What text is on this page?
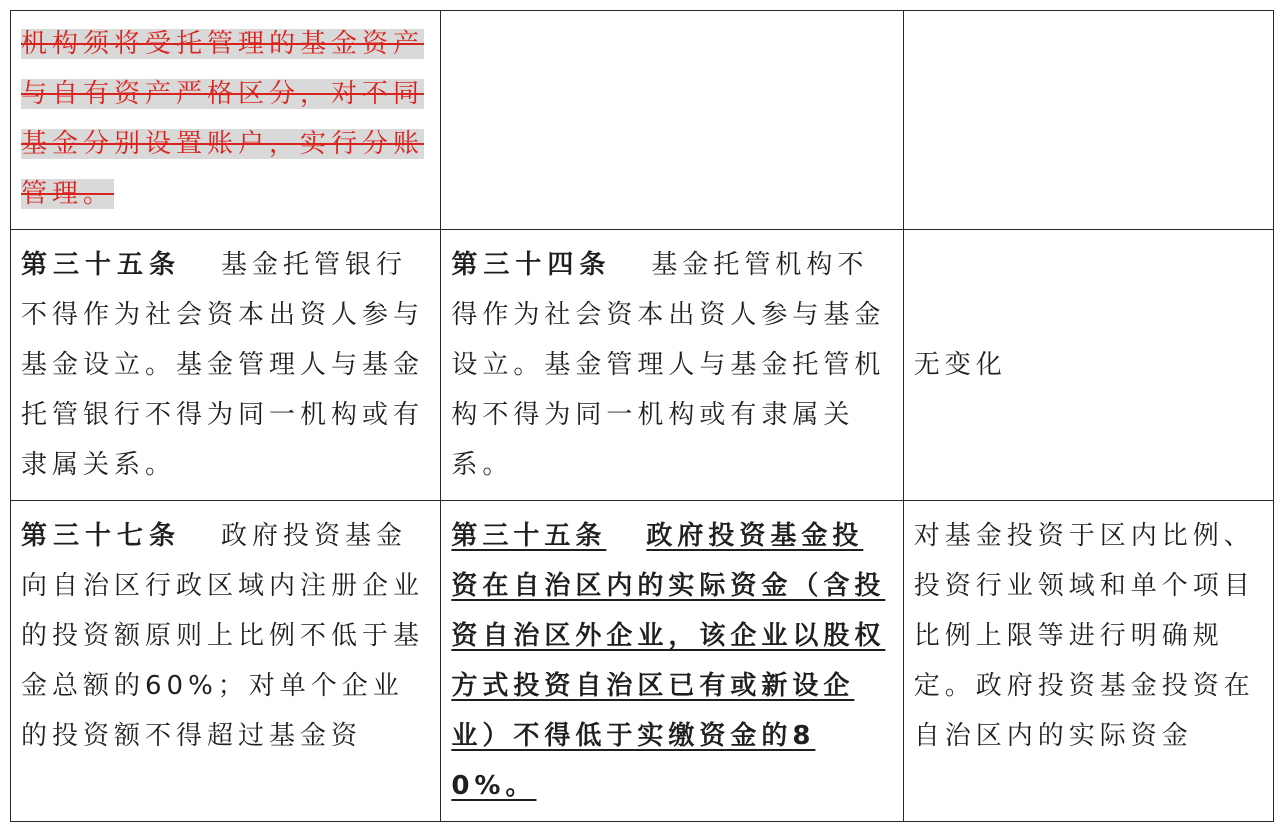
机构须将受托管理的基金资产与自有资产严格区分，对不同基金分别设置账户，实行分账管理。		
第三十五条 基金托管银行不得作为社会资本出资人参与基金设立。基金管理人与基金托管银行不得为同一机构或有隶属关系。	第三十四条 基金托管机构不得作为社会资本出资人参与基金设立。基金管理人与基金托管机构不得为同一机构或有隶属关系。	无变化
第三十七条 政府投资基金向自治区行政区域内注册企业的投资额原则上比例不低于基金总额的60%；对单个企业的投资额不得超过基金资	第三十五条 政府投资基金投资在自治区内的实际资金（含投资自治区外企业，该企业以股权方式投资自治区已有或新设企业）不得低于实缴资金的80%。	对基金投资于区内比例、投资行业领域和单个项目比例上限等进行明确规定。政府投资基金投资在自治区内的实际资金
